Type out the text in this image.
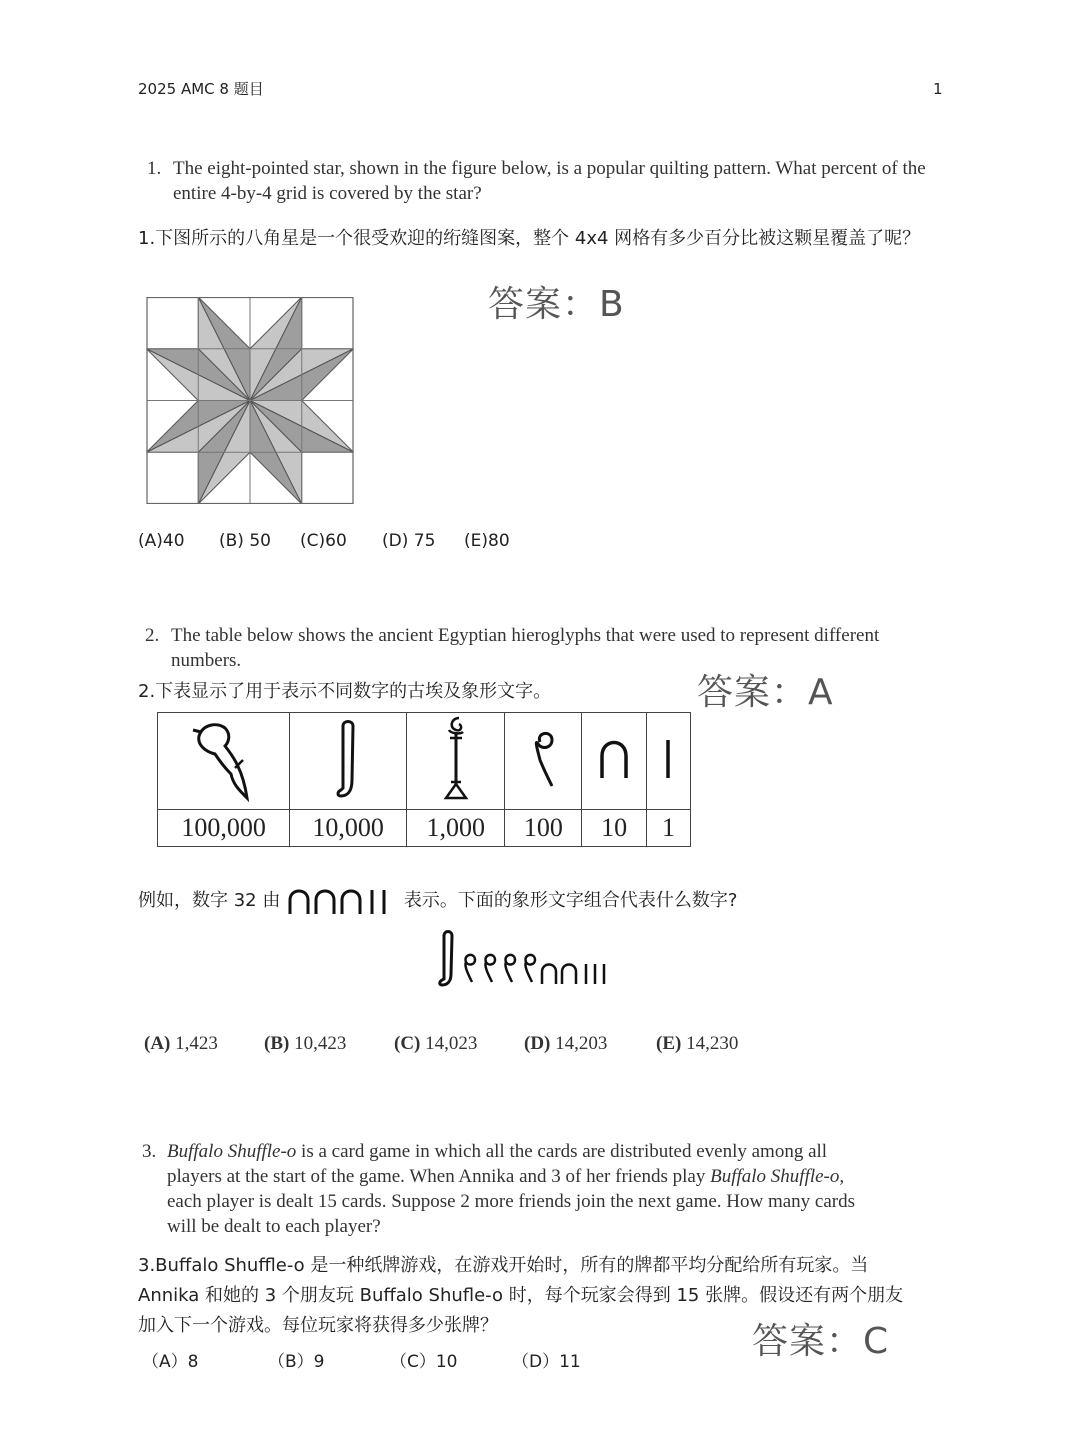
2025 AMC 8 题目	1
1. The eight-pointed star, shown in the figure below, is a popular quilting pattern. What percent of the entire 4-by-4 grid is covered by the star?
1.下图所示的八角星是一个很受欢迎的绗缝图案，整个 4x4 网格有多少百分比被这颗星覆盖了呢？
答案：B
(A)40 (B) 50 (C)60 (D) 75 (E)80
2. The table below shows the ancient Egyptian hieroglyphs that were used to represent different numbers.
2.下表显示了用于表示不同数字的古埃及象形文字。	答案：A

100,000	10,000	1,000	100	10	1
例如，数字 32 由	表示。下面的象形文字组合代表什么数字?
(A) 1,423 (B) 10,423	(C) 14,023 (D) 14,203	(E) 14,230
3. Buffalo Shuffle-o is a card game in which all the cards are distributed evenly among all
players at the start of the game. When Annika and 3 of her friends play Buffalo Shuffle-o,
each player is dealt 15 cards. Suppose 2 more friends join the next game. How many cards
will be dealt to each player?
3.Buffalo Shuffle-o 是一种纸牌游戏，在游戏开始时，所有的牌都平均分配给所有玩家。当
Annika 和她的 3 个朋友玩 Buffalo Shufle-o 时，每个玩家会得到 15 张牌。假设还有两个朋友
加入下一个游戏。每位玩家将获得多少张牌？	答案：C
（A）8	（B）9	（C）10	（D）11
